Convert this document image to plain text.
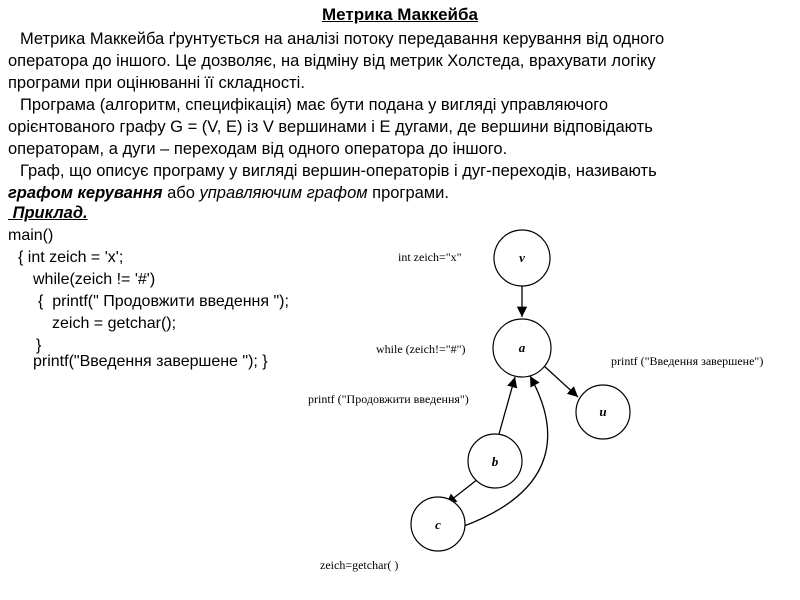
Метрика Маккейба
Метрика Маккейба ґрунтується на аналізі потоку передавання керування від одного
оператора до іншого. Це дозволяє, на відміну від метрик Холстеда, врахувати логіку
програми при оцінюванні її складності.
Програма (алгоритм, специфікація) має бути подана у вигляді управляючого
орієнтованого графу G = (V, E) із V вершинами і E дугами, де вершини відповідають
операторам, а дуги – переходам від одного оператора до іншого.
Граф, що описує програму у вигляді вершин-операторів і дуг-переходів, називають
графом керування або управляючим графом програми.
Приклад.
main()
{ int zeich = 'x';
while(zeich != '#')
{  printf(" Продовжити введення ");
zeich = getchar();
}
printf("Введення завершене "); }
v
a
u
b
c
int zeich="x"
while (zeich!="#")
printf ("Введення завершене")
printf ("Продовжити введення")
zeich=getchar( )
